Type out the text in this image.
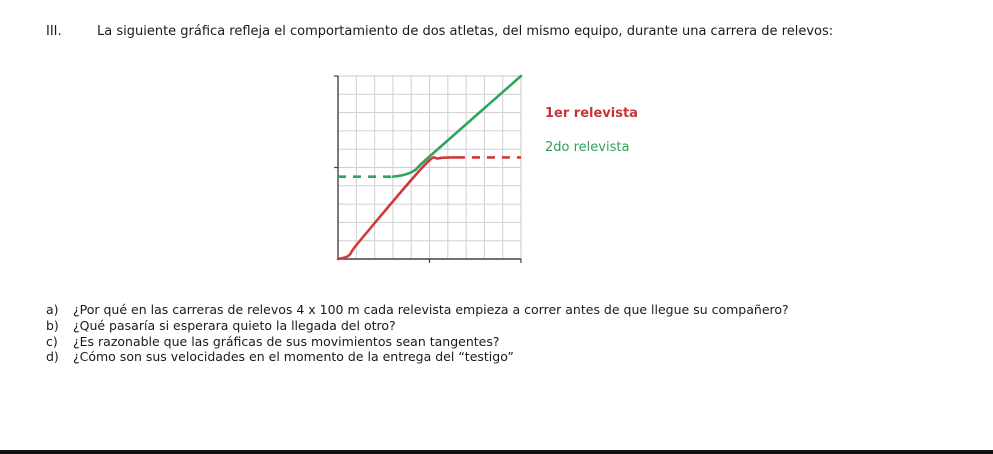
III.	La siguiente gráfica refleja el comportamiento de dos atletas, del mismo equipo, durante una carrera de relevos:
1er relevista
2do relevista
a) ¿Por qué en las carreras de relevos 4 x 100 m cada relevista empieza a correr antes de que llegue su compañero?
b) ¿Qué pasaría si esperara quieto la llegada del otro?
c) ¿Es razonable que las gráficas de sus movimientos sean tangentes?
d) ¿Cómo son sus velocidades en el momento de la entrega del “testigo”
